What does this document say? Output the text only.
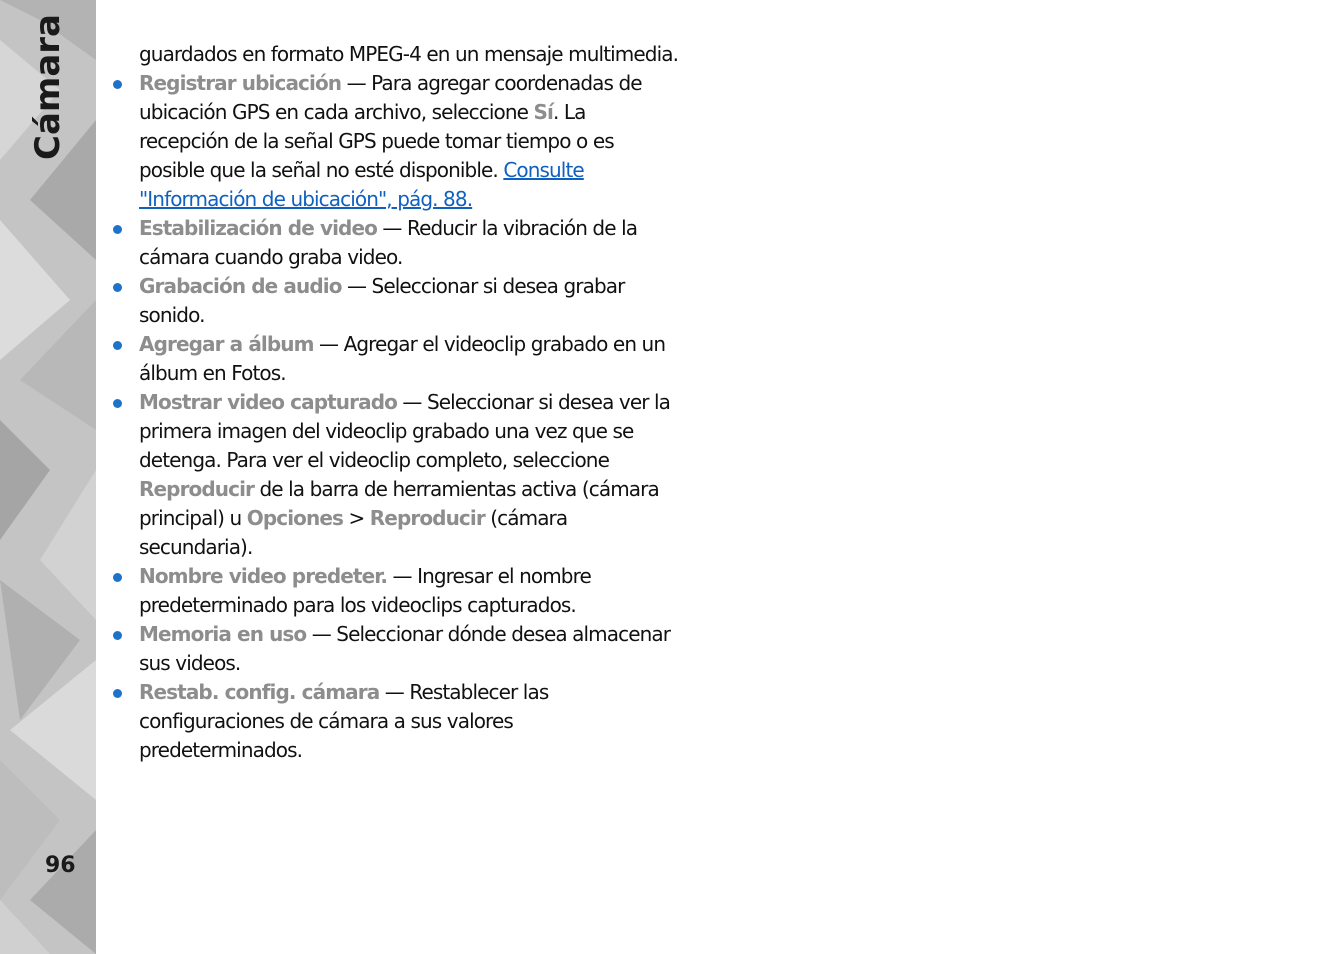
Cámara
96

guardados en formato MPEG-4 en un mensaje multimedia.

Registrar ubicación — Para agregar coordenadas de ubicación GPS en cada archivo, seleccione Sí. La recepción de la señal GPS puede tomar tiempo o es posible que la señal no esté disponible. Consulte "Información de ubicación", pág. 88.
Estabilización de video — Reducir la vibración de la cámara cuando graba video.
Grabación de audio — Seleccionar si desea grabar sonido.
Agregar a álbum — Agregar el videoclip grabado en un álbum en Fotos.
Mostrar video capturado — Seleccionar si desea ver la primera imagen del videoclip grabado una vez que se detenga. Para ver el videoclip completo, seleccione Reproducir de la barra de herramientas activa (cámara principal) u Opciones > Reproducir (cámara secundaria).
Nombre video predeter. — Ingresar el nombre predeterminado para los videoclips capturados.
Memoria en uso — Seleccionar dónde desea almacenar sus videos.
Restab. config. cámara — Restablecer las configuraciones de cámara a sus valores predeterminados.
